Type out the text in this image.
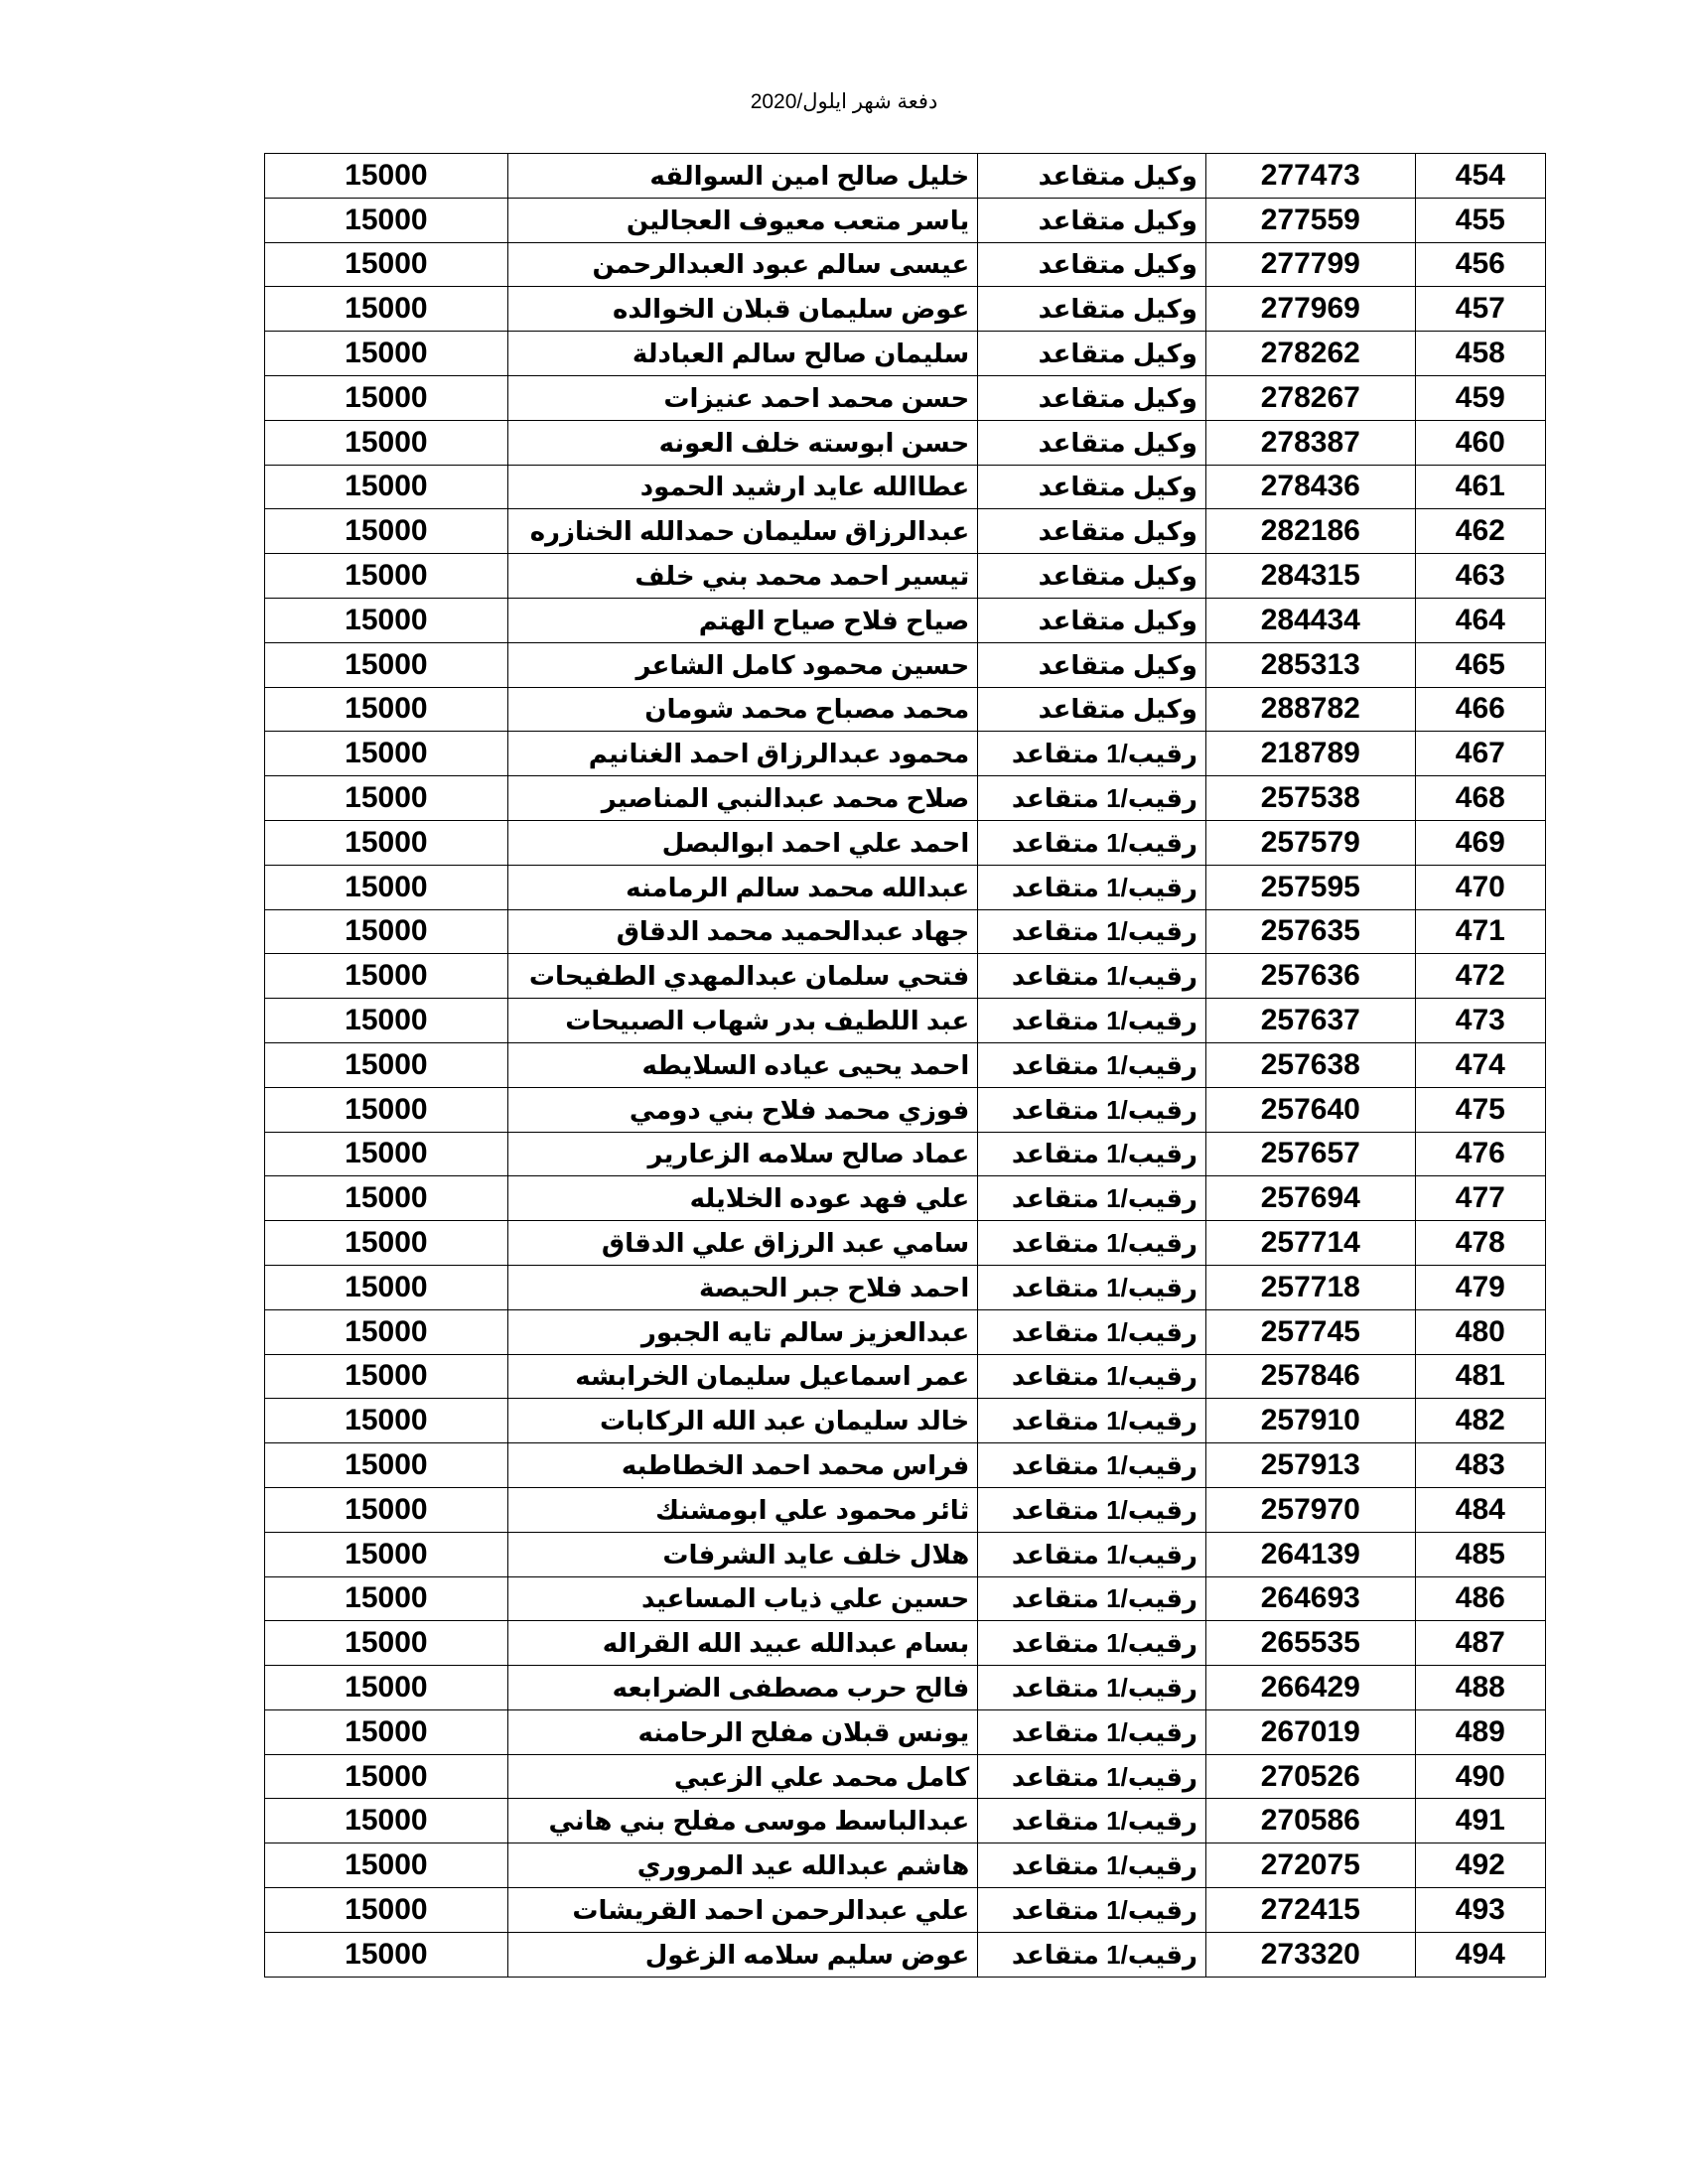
دفعة شهر ايلول/2020
454	277473	وكيل متقاعد	خليل صالح امين السوالقه	15000
455	277559	وكيل متقاعد	ياسر متعب معيوف العجالين	15000
456	277799	وكيل متقاعد	عيسى سالم عبود العبدالرحمن	15000
457	277969	وكيل متقاعد	عوض سليمان قبلان الخوالده	15000
458	278262	وكيل متقاعد	سليمان صالح سالم العبادلة	15000
459	278267	وكيل متقاعد	حسن محمد احمد عنيزات	15000
460	278387	وكيل متقاعد	حسن ابوسته خلف العونه	15000
461	278436	وكيل متقاعد	عطاالله عايد ارشيد الحمود	15000
462	282186	وكيل متقاعد	عبدالرزاق سليمان حمدالله الخنازره	15000
463	284315	وكيل متقاعد	تيسير احمد محمد بني خلف	15000
464	284434	وكيل متقاعد	صياح فلاح صياح الهتم	15000
465	285313	وكيل متقاعد	حسين محمود كامل الشاعر	15000
466	288782	وكيل متقاعد	محمد مصباح محمد شومان	15000
467	218789	رقيب/1 متقاعد	محمود عبدالرزاق احمد الغنانيم	15000
468	257538	رقيب/1 متقاعد	صلاح محمد عبدالنبي المناصير	15000
469	257579	رقيب/1 متقاعد	احمد علي احمد ابوالبصل	15000
470	257595	رقيب/1 متقاعد	عبدالله محمد سالم الرمامنه	15000
471	257635	رقيب/1 متقاعد	جهاد عبدالحميد محمد الدقاق	15000
472	257636	رقيب/1 متقاعد	فتحي سلمان عبدالمهدي الطفيحات	15000
473	257637	رقيب/1 متقاعد	عبد اللطيف بدر شهاب الصبيحات	15000
474	257638	رقيب/1 متقاعد	احمد يحيى عياده السلايطه	15000
475	257640	رقيب/1 متقاعد	فوزي محمد فلاح بني دومي	15000
476	257657	رقيب/1 متقاعد	عماد صالح سلامه الزعارير	15000
477	257694	رقيب/1 متقاعد	علي فهد عوده الخلايله	15000
478	257714	رقيب/1 متقاعد	سامي عبد الرزاق علي الدقاق	15000
479	257718	رقيب/1 متقاعد	احمد فلاح جبر الحيصة	15000
480	257745	رقيب/1 متقاعد	عبدالعزيز سالم تايه الجبور	15000
481	257846	رقيب/1 متقاعد	عمر اسماعيل سليمان الخرابشه	15000
482	257910	رقيب/1 متقاعد	خالد سليمان عبد الله الركابات	15000
483	257913	رقيب/1 متقاعد	فراس محمد احمد الخطاطبه	15000
484	257970	رقيب/1 متقاعد	ثائر محمود علي ابومشنك	15000
485	264139	رقيب/1 متقاعد	هلال خلف عايد الشرفات	15000
486	264693	رقيب/1 متقاعد	حسين علي ذياب المساعيد	15000
487	265535	رقيب/1 متقاعد	بسام عبدالله عبيد الله القراله	15000
488	266429	رقيب/1 متقاعد	فالح حرب مصطفى الضرابعه	15000
489	267019	رقيب/1 متقاعد	يونس قبلان مفلح الرحامنه	15000
490	270526	رقيب/1 متقاعد	كامل محمد علي الزعبي	15000
491	270586	رقيب/1 متقاعد	عبدالباسط موسى مفلح بني هاني	15000
492	272075	رقيب/1 متقاعد	هاشم عبدالله عيد المروري	15000
493	272415	رقيب/1 متقاعد	علي عبدالرحمن احمد القريشات	15000
494	273320	رقيب/1 متقاعد	عوض سليم سلامه الزغول	15000
